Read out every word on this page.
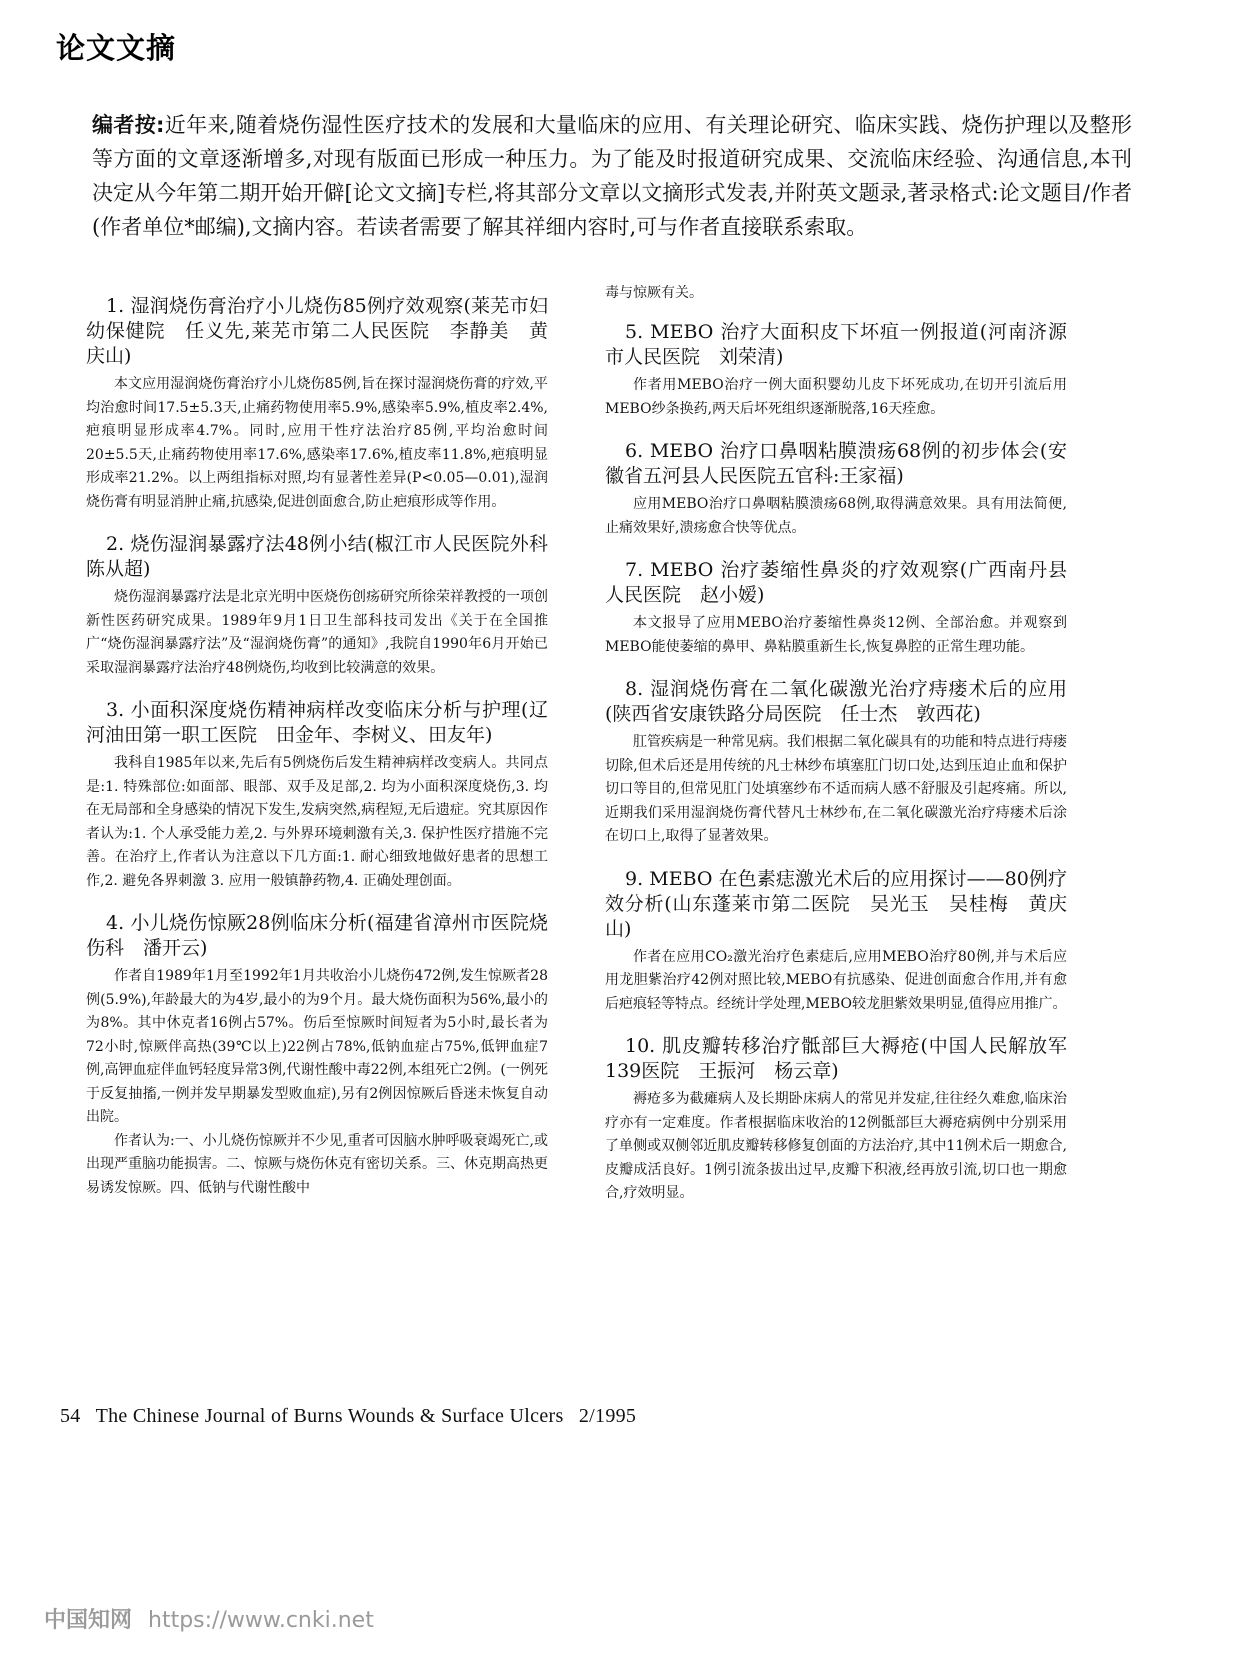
论文文摘
编者按:近年来,随着烧伤湿性医疗技术的发展和大量临床的应用、有关理论研究、临床实践、烧伤护理以及整形等方面的文章逐渐增多,对现有版面已形成一种压力。为了能及时报道研究成果、交流临床经验、沟通信息,本刊决定从今年第二期开始开僻[论文文摘]专栏,将其部分文章以文摘形式发表,并附英文题录,著录格式:论文题目/作者(作者单位*邮编),文摘内容。若读者需要了解其祥细内容时,可与作者直接联系索取。

1. 湿润烧伤膏治疗小儿烧伤85例疗效观察(莱芜市妇幼保健院　任义先,莱芜市第二人民医院　李静美　黄庆山)

本文应用湿润烧伤膏治疗小儿烧伤85例,旨在探讨湿润烧伤膏的疗效,平均治愈时间17.5±5.3天,止痛药物使用率5.9%,感染率5.9%,植皮率2.4%,疤痕明显形成率4.7%。同时,应用干性疗法治疗85例,平均治愈时间20±5.5天,止痛药物使用率17.6%,感染率17.6%,植皮率11.8%,疤痕明显形成率21.2%。以上两组指标对照,均有显著性差异(P<0.05—0.01),湿润烧伤膏有明显消肿止痛,抗感染,促进创面愈合,防止疤痕形成等作用。

2. 烧伤湿润暴露疗法48例小结(椒江市人民医院外科　陈从超)

烧伤湿润暴露疗法是北京光明中医烧伤创疡研究所徐荣祥教授的一项创新性医药研究成果。1989年9月1日卫生部科技司发出《关于在全国推广“烧伤湿润暴露疗法”及“湿润烧伤膏”的通知》,我院自1990年6月开始已采取湿润暴露疗法治疗48例烧伤,均收到比较满意的效果。

3. 小面积深度烧伤精神病样改变临床分析与护理(辽河油田第一职工医院　田金年、李树义、田友年)

我科自1985年以来,先后有5例烧伤后发生精神病样改变病人。共同点是:1. 特殊部位:如面部、眼部、双手及足部,2. 均为小面积深度烧伤,3. 均在无局部和全身感染的情况下发生,发病突然,病程短,无后遗症。究其原因作者认为:1. 个人承受能力差,2. 与外界环境刺激有关,3. 保护性医疗措施不完善。在治疗上,作者认为注意以下几方面:1. 耐心细致地做好患者的思想工作,2. 避免各界刺激 3. 应用一般镇静药物,4. 正确处理创面。

4. 小儿烧伤惊厥28例临床分析(福建省漳州市医院烧伤科　潘开云)

作者自1989年1月至1992年1月共收治小儿烧伤472例,发生惊厥者28例(5.9%),年龄最大的为4岁,最小的为9个月。最大烧伤面积为56%,最小的为8%。其中休克者16例占57%。伤后至惊厥时间短者为5小时,最长者为72小时,惊厥伴高热(39℃以上)22例占78%,低钠血症占75%,低钾血症7例,高钾血症伴血钙轻度异常3例,代谢性酸中毒22例,本组死亡2例。(一例死于反复抽搐,一例并发早期暴发型败血症),另有2例因惊厥后昏迷未恢复自动出院。

作者认为:一、小儿烧伤惊厥并不少见,重者可因脑水肿呼吸衰竭死亡,或出现严重脑功能损害。二、惊厥与烧伤休克有密切关系。三、休克期高热更易诱发惊厥。四、低钠与代谢性酸中

毒与惊厥有关。

5. MEBO 治疗大面积皮下坏疽一例报道(河南济源市人民医院　刘荣清)

作者用MEBO治疗一例大面积婴幼儿皮下坏死成功,在切开引流后用MEBO纱条换药,两天后坏死组织逐渐脱落,16天痊愈。

6. MEBO 治疗口鼻咽粘膜溃疡68例的初步体会(安徽省五河县人民医院五官科:王家福)

应用MEBO治疗口鼻咽粘膜溃疡68例,取得满意效果。具有用法简便,止痛效果好,溃疡愈合快等优点。

7. MEBO 治疗萎缩性鼻炎的疗效观察(广西南丹县人民医院　赵小嫒)

本文报导了应用MEBO治疗萎缩性鼻炎12例、全部治愈。并观察到MEBO能使萎缩的鼻甲、鼻粘膜重新生长,恢复鼻腔的正常生理功能。

8. 湿润烧伤膏在二氧化碳激光治疗痔瘘术后的应用(陕西省安康铁路分局医院　任士杰　敦西花)

肛管疾病是一种常见病。我们根据二氧化碳具有的功能和特点进行痔瘘切除,但术后还是用传统的凡士林纱布填塞肛门切口处,达到压迫止血和保护切口等目的,但常见肛门处填塞纱布不适而病人感不舒服及引起疼痛。所以,近期我们采用湿润烧伤膏代替凡士林纱布,在二氧化碳激光治疗痔瘘术后涂在切口上,取得了显著效果。

9. MEBO 在色素痣激光术后的应用探讨——80例疗效分析(山东蓬莱市第二医院　吴光玉　吴桂梅　黄庆山)

作者在应用CO₂激光治疗色素痣后,应用MEBO治疗80例,并与术后应用龙胆紫治疗42例对照比较,MEBO有抗感染、促进创面愈合作用,并有愈后疤痕轻等特点。经统计学处理,MEBO较龙胆紫效果明显,值得应用推广。

10. 肌皮瓣转移治疗骶部巨大褥疮(中国人民解放军139医院　王振河　杨云章)

褥疮多为截瘫病人及长期卧床病人的常见并发症,往往经久难愈,临床治疗亦有一定难度。作者根据临床收治的12例骶部巨大褥疮病例中分别采用了单侧或双侧邻近肌皮瓣转移修复创面的方法治疗,其中11例术后一期愈合,皮瓣成活良好。1例引流条拔出过早,皮瓣下积液,经再放引流,切口也一期愈合,疗效明显。

54 The Chinese Journal of Burns Wounds & Surface Ulcers 2/1995
中国知网 https://www.cnki.net
